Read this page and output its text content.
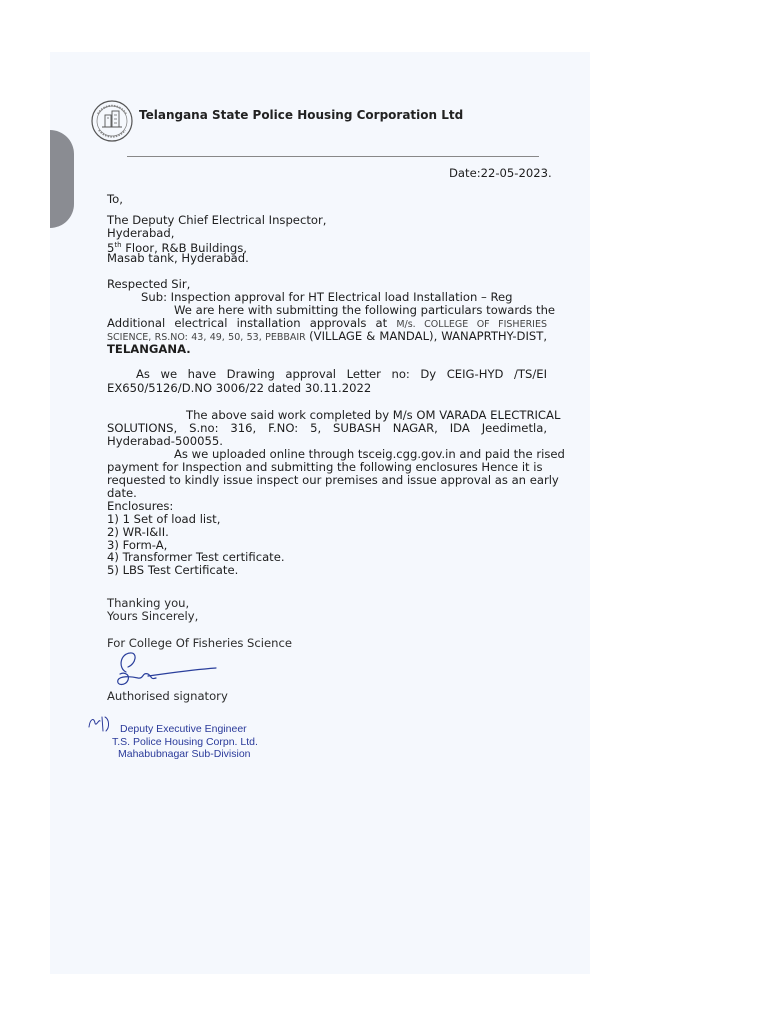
Telangana State Police Housing Corporation Ltd
Date:22-05-2023.
To,
The Deputy Chief Electrical Inspector,
Hyderabad,
5th Floor, R&B Buildings,
Masab tank, Hyderabad.
Respected Sir,
Sub: Inspection approval for HT Electrical load Installation – Reg
We are here with submitting the following particulars towards the
Additional electrical installation approvals at M/s. COLLEGE OF FISHERIES
SCIENCE, RS.NO: 43, 49, 50, 53, PEBBAIR (VILLAGE & MANDAL), WANAPRTHY-DIST,
TELANGANA.
As we have Drawing approval Letter no: Dy CEIG-HYD /TS/EI
EX650/5126/D.NO 3006/22 dated 30.11.2022
The above said work completed by M/s OM VARADA ELECTRICAL
SOLUTIONS, S.no: 316, F.NO: 5, SUBASH NAGAR, IDA Jeedimetla,
Hyderabad-500055.
As we uploaded online through tsceig.cgg.gov.in and paid the rised
payment for Inspection and submitting the following enclosures Hence it is
requested to kindly issue inspect our premises and issue approval as an early
date.
Enclosures:
1) 1 Set of load list,
2) WR-I&II.
3) Form-A,
4) Transformer Test certificate.
5) LBS Test Certificate.
Thanking you,
Yours Sincerely,
For College Of Fisheries Science
Authorised signatory
Deputy Executive Engineer
T.S. Police Housing Corpn. Ltd.
Mahabubnagar Sub-Division
